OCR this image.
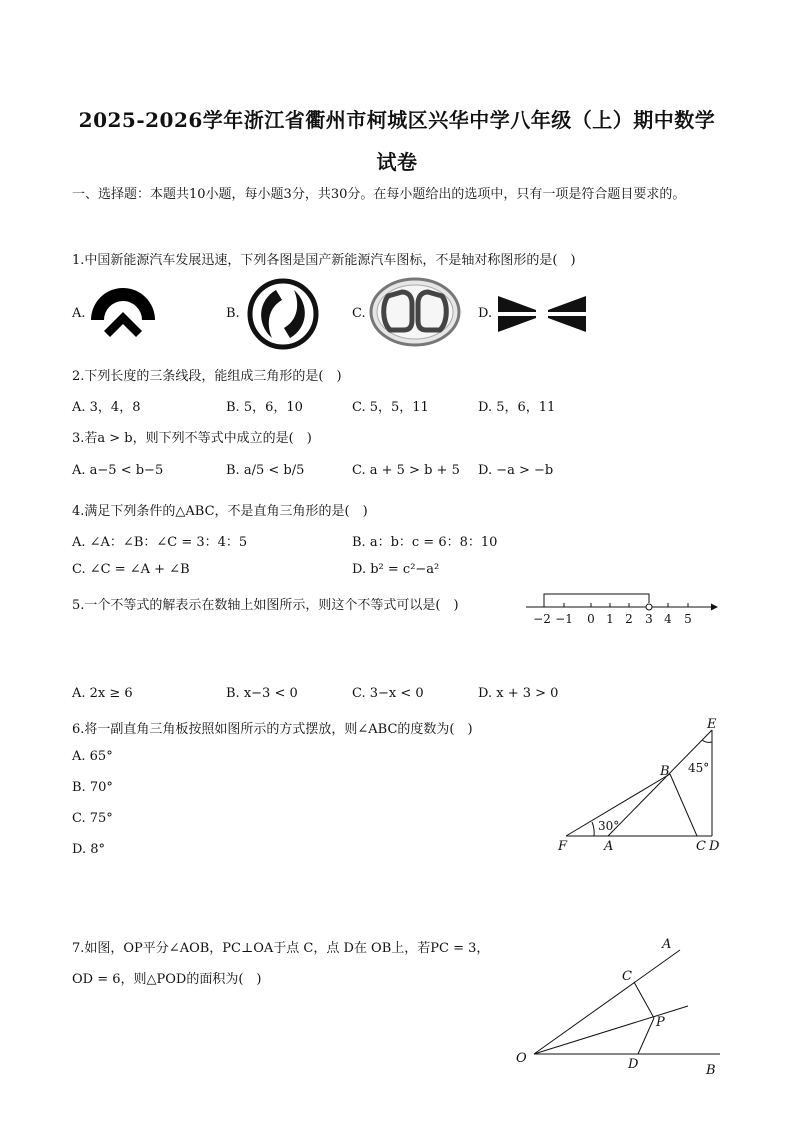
2025-2026学年浙江省衢州市柯城区兴华中学八年级（上）期中数学
试卷
一、选择题：本题共10小题，每小题3分，共30分。在每小题给出的选项中，只有一项是符合题目要求的。
1.中国新能源汽车发展迅速，下列各图是国产新能源汽车图标，不是轴对称图形的是(　)
A.	B.	C.	D.
2.下列长度的三条线段，能组成三角形的是(　)
A. 3，4，8	B. 5，6，10	C. 5，5，11	D. 5，6，11
3.若a > b，则下列不等式中成立的是(　)
A. a−5 < b−5	B. a/5 < b/5	C. a + 5 > b + 5 D. −a > −b
4.满足下列条件的△ABC，不是直角三角形的是(　)
A. ∠A：∠B：∠C = 3：4：5	B. a：b：c = 6：8：10
C. ∠C = ∠A + ∠B	D. b² = c²−a²
5.一个不等式的解表示在数轴上如图所示，则这个不等式可以是(　)
−2 −1 0 1 2 3 4 5
A. 2x ≥ 6	B. x−3 < 0	C. 3−x < 0	D. x + 3 > 0
6.将一副直角三角板按照如图所示的方式摆放，则∠ABC的度数为(　)
A. 65°
B. 70°
C. 75°
D. 8°
E
B
F	A	C D
45°
30°
7.如图，OP平分∠AOB，PC⊥OA于点 C，点 D在 OB上，若PC = 3，
OD = 6，则△POD的面积为(　)
A
C
P
O	D	B
